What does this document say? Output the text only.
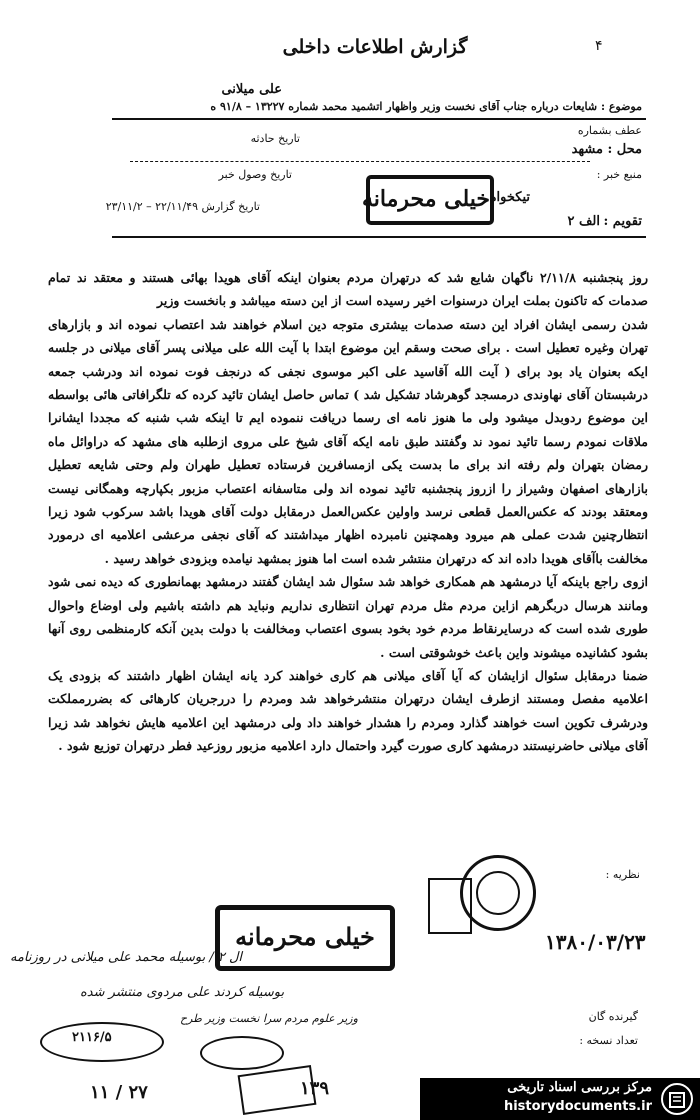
گزارش اطلاعات داخلی	۴
علی میلانی
موضوع : شایعات درباره جناب آقای نخست وزیر واظهار اتشمید محمد شماره ۱۳۲۲۷ – ۹۱/۸ ه
عطف بشماره
تاریخ حادثه
محل : مشهد
تاریخ وصول خبر	منبع خبر :
خیلی محرمانه تیکخواه
تاریخ گزارش ۲۲/۱۱/۴۹ – ۲۳/۱۱/۲
تقویم :
الف ۲

روز پنجشنبه ۲/۱۱/۸ ناگهان شایع شد که درتهران مردم بعنوان اینکه آقای هویدا بهائی هستند و معتقد ند تمام صدمات که تاکنون بملت ایران درسنوات اخیر رسیده است از این دسته میباشد و بانخست وزیر

شدن رسمی ایشان افراد این دسته صدمات بیشتری متوجه دین اسلام خواهند شد اعتصاب نموده اند و بازارهای تهران وغیره تعطیل است . برای صحت وسقم این موضوع ابتدا با آیت الله علی میلانی پسر آقای میلانی در جلسه ایکه بعنوان یاد بود برای ( آیت الله آقاسید علی اکبر موسوی نجفی که درنجف فوت نموده اند ودرشب جمعه درشبستان آقای نهاوندی درمسجد گوهرشاد تشکیل شد ) تماس حاصل ایشان تائید کرده که تلگرافاتی هائی بواسطه این موضوع ردوبدل میشود ولی ما هنوز نامه ای رسما دریافت ننموده ایم تا اینکه شب شنبه که مجددا ایشانرا ملاقات نمودم رسما تائید نمود ند وگفتند طبق نامه ایکه آقای شیخ علی مروی ازطلبه های مشهد که دراوائل ماه رمضان بتهران ولم رفته اند برای ما بدست یکی ازمسافرین فرستاده تعطیل طهران ولم وحتی شایعه تعطیل بازارهای اصفهان وشیراز را ازروز پنجشنبه تائید نموده اند ولی متاسفانه اعتصاب مزبور بکپارچه وهمگانی نیست ومعتقد بودند که عکس‌العمل قطعی نرسد واولین عکس‌العمل درمقابل دولت آقای هویدا باشد سرکوب شود زیرا انتظارچنین شدت عملی هم میرود وهمچنین نامبرده اظهار میداشتند که آقای نجفی مرعشی اعلامیه ای درمورد مخالفت باآقای هویدا داده اند که درتهران منتشر شده است اما هنوز بمشهد نیامده وبزودی خواهد رسید .

ازوی راجع باینکه آیا درمشهد هم همکاری خواهد شد سئوال شد ایشان گفتند درمشهد بهمانطوری که دیده نمی شود ومانند هرسال دربگرهم ازاین مردم مثل مردم تهران انتظاری نداریم ونباید هم داشته باشیم ولی اوضاع واحوال طوری شده است که درسایرنقاط مردم خود بخود بسوی اعتصاب ومخالفت با دولت بدین آنکه کارمنظمی روی آنها بشود کشانیده میشوند واین باعث خوشوقتی است .

ضمنا درمقابل سئوال ازایشان که آیا آقای میلانی هم کاری خواهند کرد یانه ایشان اظهار داشتند که بزودی یک اعلامیه مفصل ومستند ازطرف ایشان درتهران منتشرخواهد شد ومردم را دررجریان کارهائی که بضررمملکت ودرشرف تکوین است خواهند گذارد ومردم را هشدار خواهند داد ولی درمشهد این اعلامیه هایش نخواهد شد زیرا آقای میلانی حاضرنیستند درمشهد کاری صورت گیرد واحتمال دارد اعلامیه مزبور روزعید فطر درتهران توزیع شود .

نظریه :
خیلی محرمانه	۱۳۸۰/۰۳/۲۳
ال ۲ / بوسیله محمد علی میلانی در روزنامه
بوسیله کردند علی مردوی منتشر شده
وزیر علوم مردم سرا نخست وزیر طرح	گیرنده گان
تعداد نسخه :
۲۱۱۶/۵
۱۱ / ۲۷	۱۳۹	مرکز بررسی اسناد تاریخی
historydocuments.ir
